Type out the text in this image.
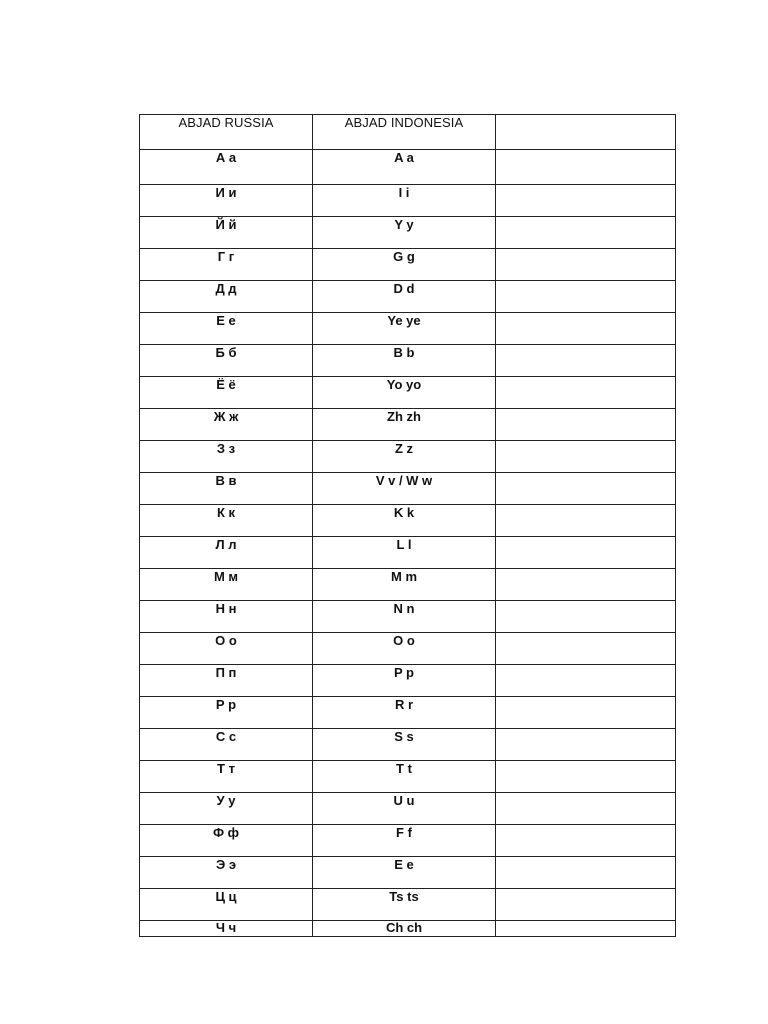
ABJAD RUSSIA	ABJAD INDONESIA	
А а	A a	
И и	I i	
Й й	Y y	
Г г	G g	
Д д	D d	
Е е	Ye ye	
Б б	B b	
Ё ё	Yo yo	
Ж ж	Zh zh	
З з	Z z	
В в	V v / W w	
К к	K k	
Л л	L l	
М м	M m	
Н н	N n	
О о	O o	
П п	P p	
Р р	R r	
С с	S s	
Т т	T t	
У у	U u	
Ф ф	F f	
Э э	E e	
Ц ц	Ts ts	
Ч ч	Ch ch	
